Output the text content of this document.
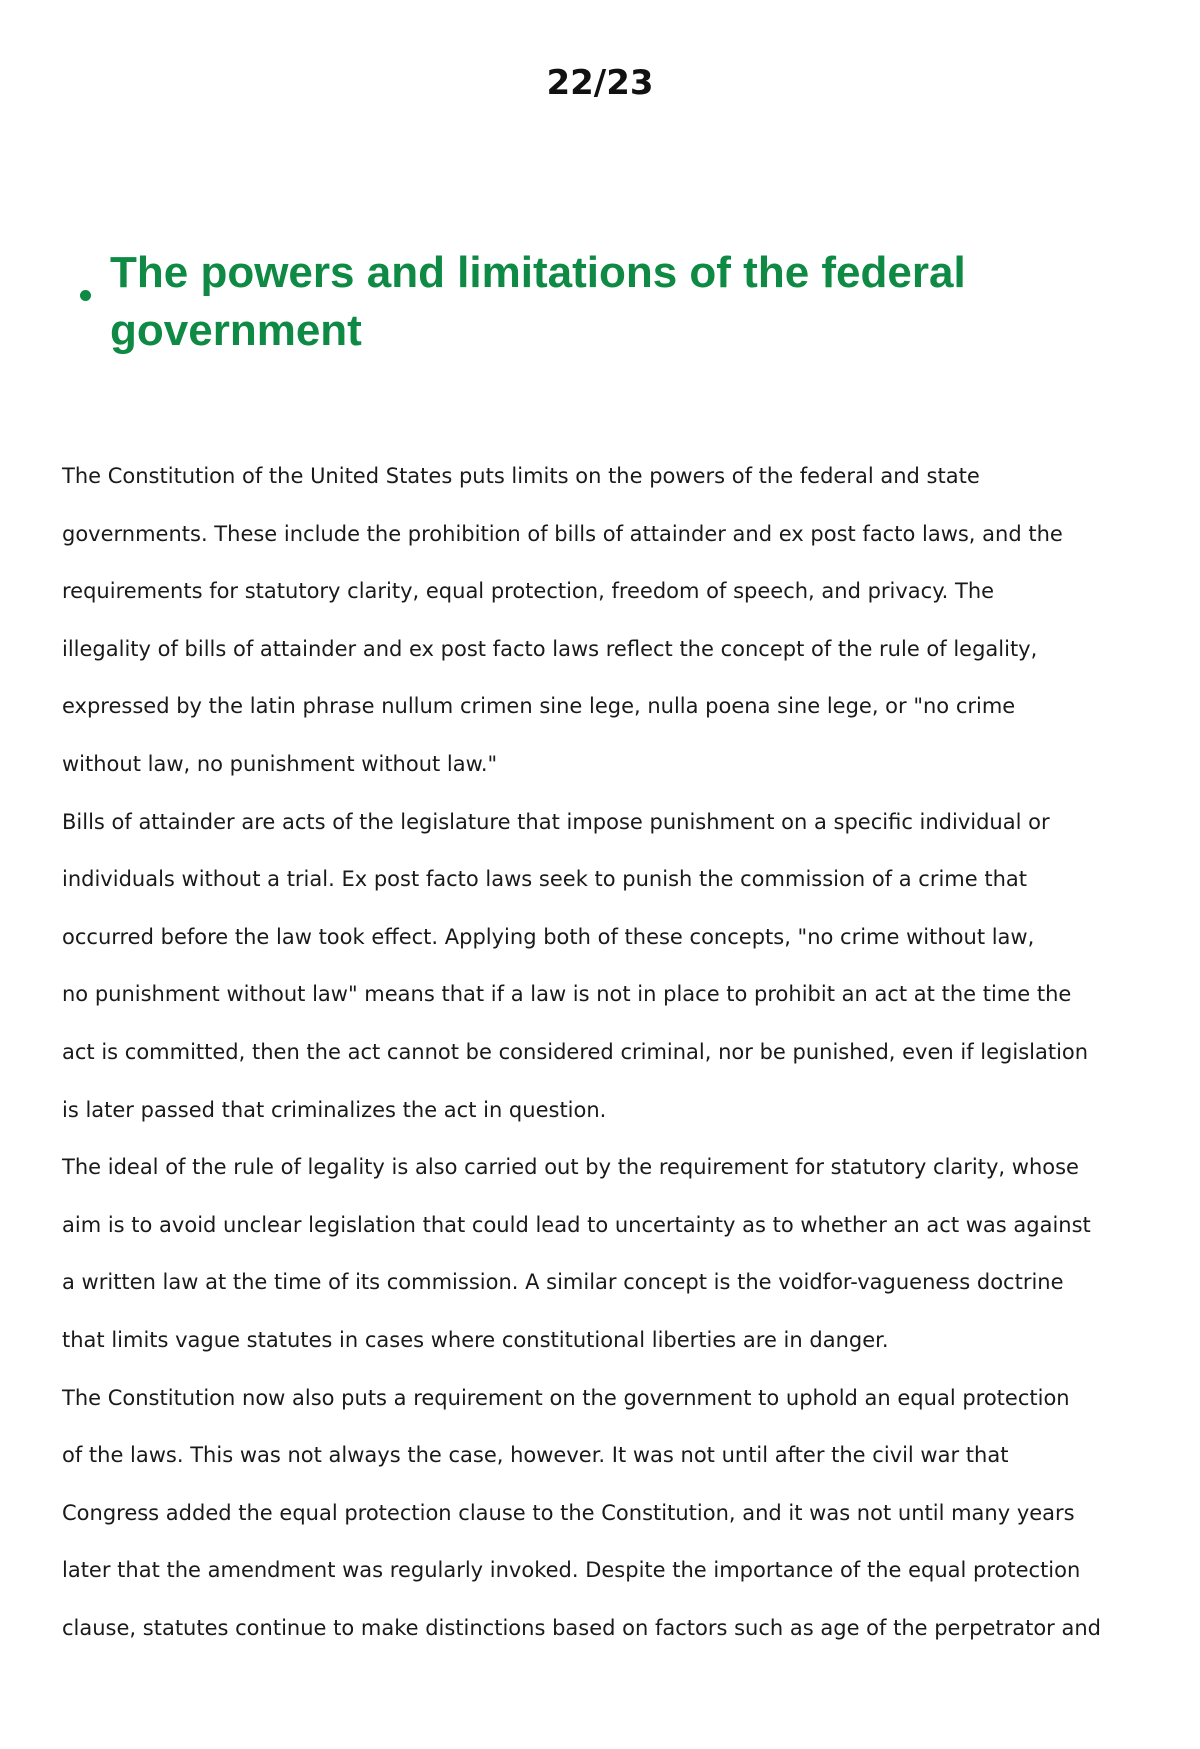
22/23
The powers and limitations of the federal
government

The Constitution of the United States puts limits on the powers of the federal and state
governments. These include the prohibition of bills of attainder and ex post facto laws, and the
requirements for statutory clarity, equal protection, freedom of speech, and privacy. The
illegality of bills of attainder and ex post facto laws reflect the concept of the rule of legality,
expressed by the latin phrase nullum crimen sine lege, nulla poena sine lege, or "no crime
without law, no punishment without law."

Bills of attainder are acts of the legislature that impose punishment on a specific individual or
individuals without a trial. Ex post facto laws seek to punish the commission of a crime that
occurred before the law took effect. Applying both of these concepts, "no crime without law,
no punishment without law" means that if a law is not in place to prohibit an act at the time the
act is committed, then the act cannot be considered criminal, nor be punished, even if legislation
is later passed that criminalizes the act in question.

The ideal of the rule of legality is also carried out by the requirement for statutory clarity, whose
aim is to avoid unclear legislation that could lead to uncertainty as to whether an act was against
a written law at the time of its commission. A similar concept is the voidfor-vagueness doctrine
that limits vague statutes in cases where constitutional liberties are in danger.

The Constitution now also puts a requirement on the government to uphold an equal protection
of the laws. This was not always the case, however. It was not until after the civil war that
Congress added the equal protection clause to the Constitution, and it was not until many years
later that the amendment was regularly invoked. Despite the importance of the equal protection
clause, statutes continue to make distinctions based on factors such as age of the perpetrator and
